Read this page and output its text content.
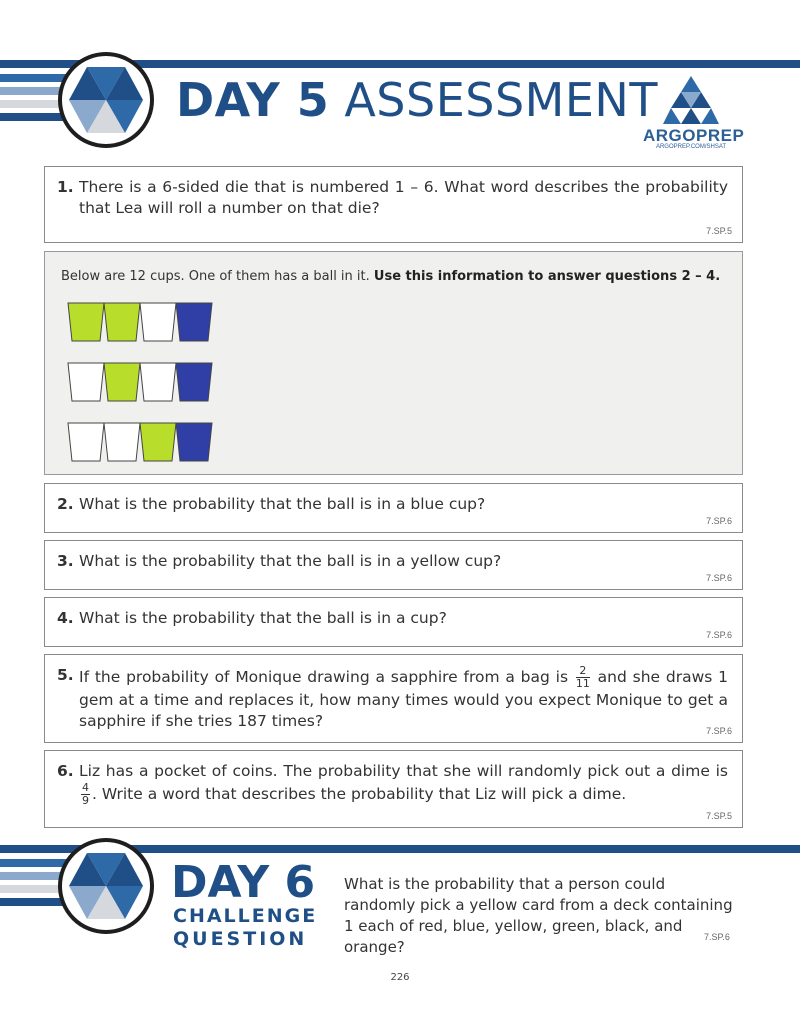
DAY 5 ASSESSMENT
ARGOPREP
ARGOPREP.COM/SHSAT
1. There is a 6-sided die that is numbered 1 – 6. What word describes the probability that Lea will roll a number on that die?
7.SP.5
Below are 12 cups. One of them has a ball in it. Use this information to answer questions 2 – 4.
2. What is the probability that the ball is in a blue cup?
7.SP.6
3. What is the probability that the ball is in a yellow cup?
7.SP.6
4. What is the probability that the ball is in a cup?
7.SP.6
5. If the probability of Monique drawing a sapphire from a bag is $\frac{2}{11}$ and she draws 1 gem at a time and replaces it, how many times would you expect Monique to get a sapphire if she tries 187 times?
7.SP.6
6. Liz has a pocket of coins. The probability that she will randomly pick out a dime is
$\frac{4}{9}$ . Write a word that describes the probability that Liz will pick a dime.
7.SP.5
DAY 6
CHALLENGE
QUESTION
What is the probability that a person could randomly pick a yellow card from a deck containing 1 each of red, blue, yellow, green, black, and orange?
7.SP.6
226
